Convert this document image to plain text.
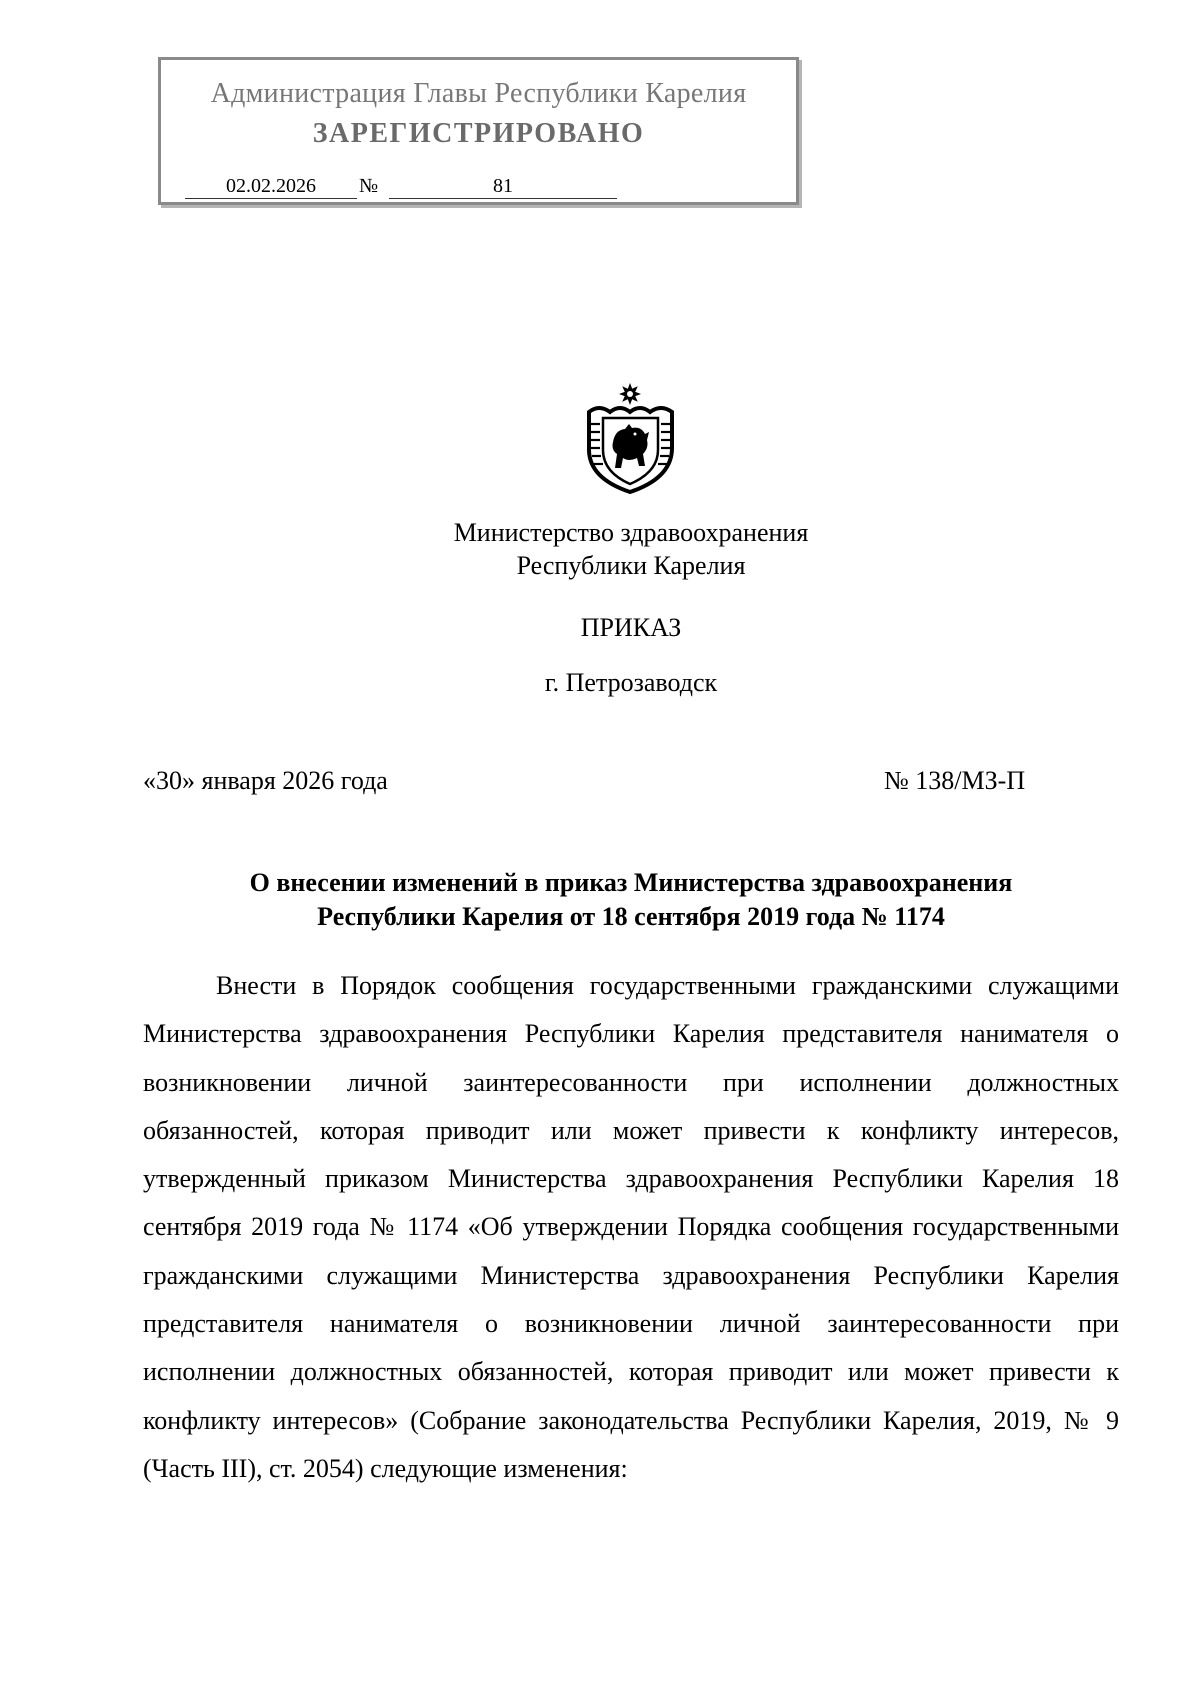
Администрация Главы Республики Карелия
ЗАРЕГИСТРИРОВАНО
02.02.2026	№	81
Министерство здравоохранения
Республики Карелия
ПРИКАЗ
г. Петрозаводск
«30» января 2026 года	№ 138/МЗ-П
О внесении изменений в приказ Министерства здравоохранения
Республики Карелия от 18 сентября 2019 года № 1174

Внести в Порядок сообщения государственными гражданскими служащими Министерства здравоохранения Республики Карелия представителя нанимателя о возникновении личной заинтересованности при исполнении должностных обязанностей, которая приводит или может привести к конфликту интересов, утвержденный приказом Министерства здравоохранения Республики Карелия 18 сентября 2019 года № 1174 «Об утверждении Порядка сообщения государственными гражданскими служащими Министерства здравоохранения Республики Карелия представителя нанимателя о возникновении личной заинтересованности при исполнении должностных обязанностей, которая приводит или может привести к конфликту интересов» (Собрание законодательства Республики Карелия, 2019, № 9 (Часть III), ст. 2054) следующие изменения:
